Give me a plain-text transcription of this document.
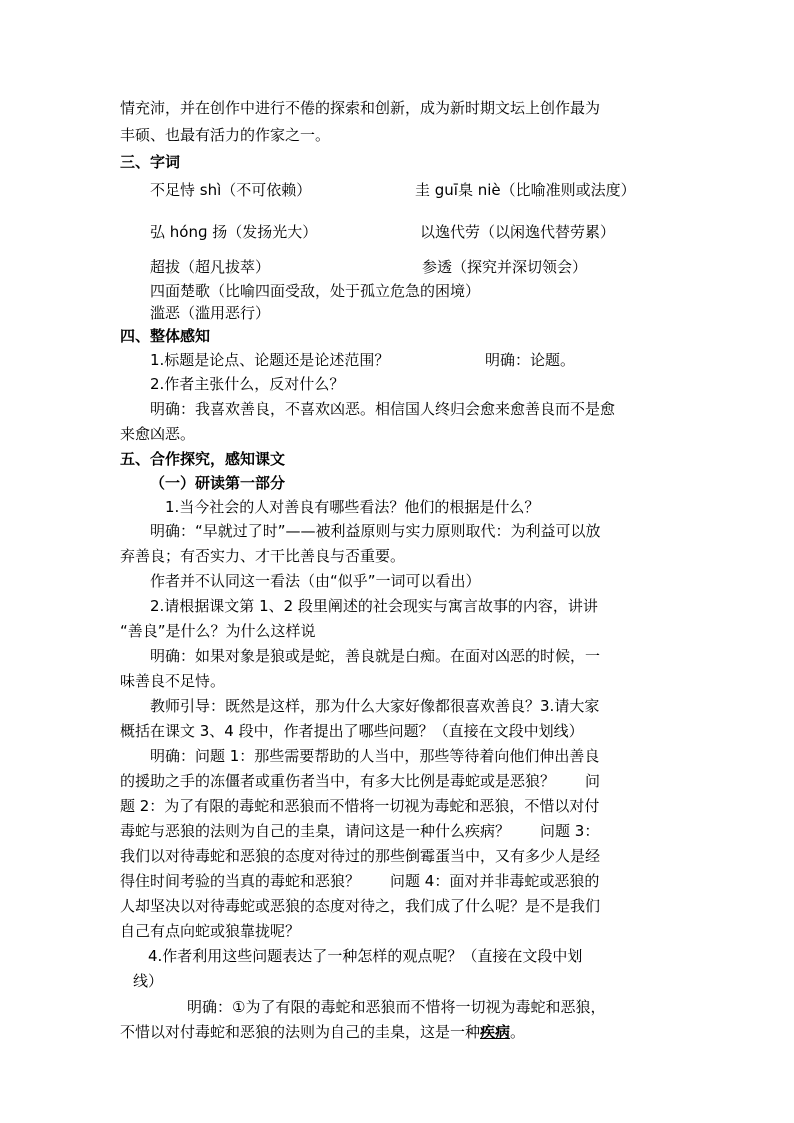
情充沛，并在创作中进行不倦的探索和创新，成为新时期文坛上创作最为
丰硕、也最有活力的作家之一。
三、字词
不足恃 shì（不可依赖）	圭 guī臬 niè（比喻准则或法度）
弘 hónɡ 扬（发扬光大）	以逸代劳（以闲逸代替劳累）
超拔（超凡拔萃）	参透（探究并深切领会）
四面楚歌（比喻四面受敌，处于孤立危急的困境）
滥恶（滥用恶行）
四、整体感知
1.标题是论点、论题还是论述范围？	明确：论题。
2.作者主张什么，反对什么？
明确：我喜欢善良，不喜欢凶恶。相信国人终归会愈来愈善良而不是愈
来愈凶恶。
五、合作探究，感知课文
（一）研读第一部分
1.当今社会的人对善良有哪些看法？他们的根据是什么？
明确：“早就过了时”——被利益原则与实力原则取代：为利益可以放
弃善良；有否实力、才干比善良与否重要。
作者并不认同这一看法（由“似乎”一词可以看出）
2.请根据课文第 1、2 段里阐述的社会现实与寓言故事的内容，讲讲
“善良”是什么？为什么这样说
明确：如果对象是狼或是蛇，善良就是白痴。在面对凶恶的时候，一
味善良不足恃。
教师引导：既然是这样，那为什么大家好像都很喜欢善良？3.请大家
概括在课文 3、4 段中，作者提出了哪些问题？（直接在文段中划线）
明确：问题 1：那些需要帮助的人当中，那些等待着向他们伸出善良
的援助之手的冻僵者或重伤者当中，有多大比例是毒蛇或是恶狼？　　问
题 2：为了有限的毒蛇和恶狼而不惜将一切视为毒蛇和恶狼，不惜以对付
毒蛇与恶狼的法则为自己的圭臬，请问这是一种什么疾病？　　问题 3：
我们以对待毒蛇和恶狼的态度对待过的那些倒霉蛋当中，又有多少人是经
得住时间考验的当真的毒蛇和恶狼？　　问题 4：面对并非毒蛇或恶狼的
人却坚决以对待毒蛇或恶狼的态度对待之，我们成了什么呢？是不是我们
自己有点向蛇或狼靠拢呢？
4.作者利用这些问题表达了一种怎样的观点呢？（直接在文段中划
线）
明确：①为了有限的毒蛇和恶狼而不惜将一切视为毒蛇和恶狼，
不惜以对付毒蛇和恶狼的法则为自己的圭臬，这是一种疾病。
